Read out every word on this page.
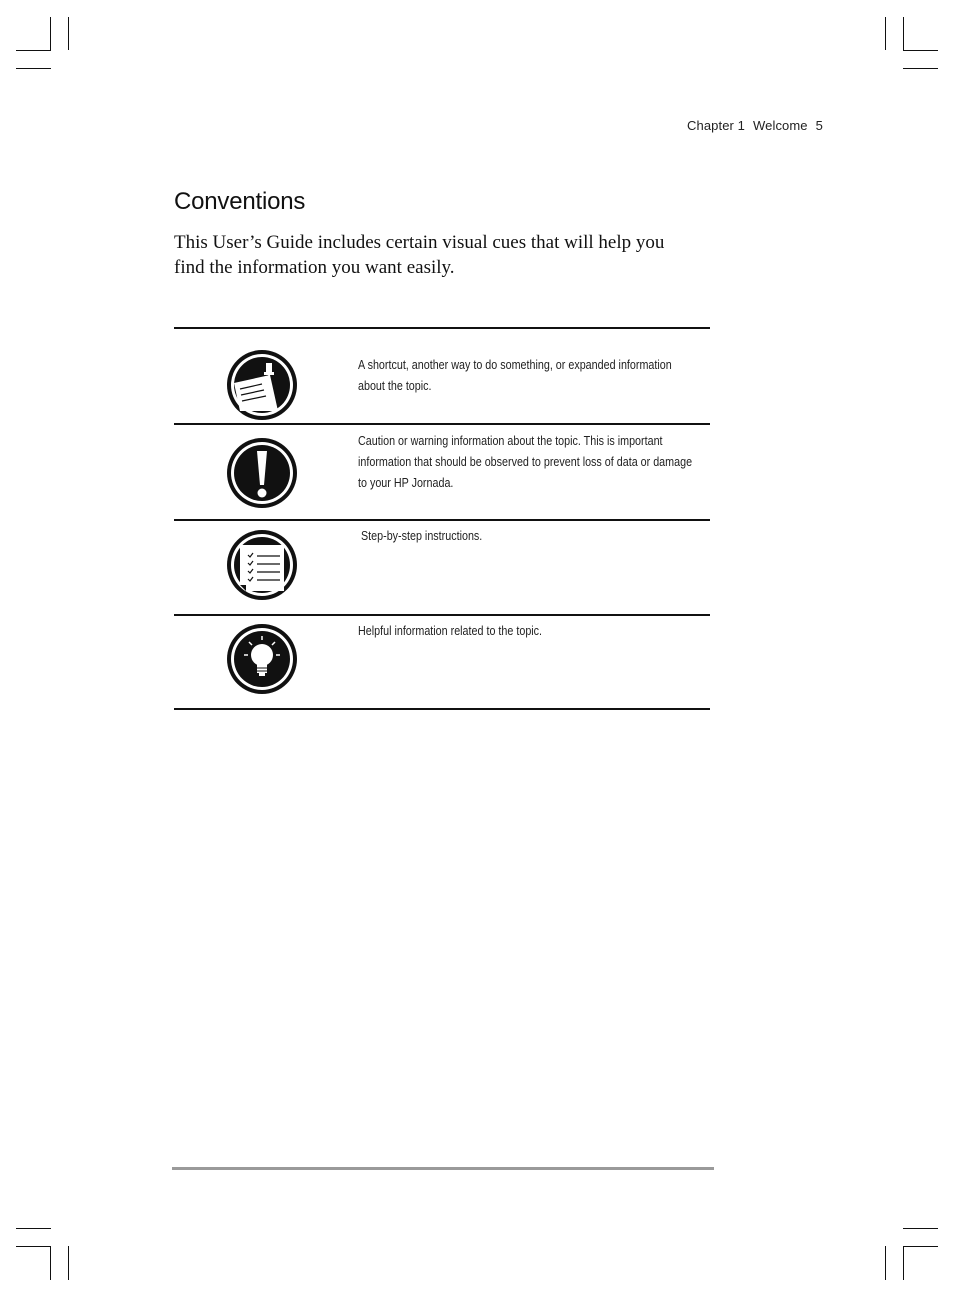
Chapter 1 Welcome 5
Conventions

This User’s Guide includes certain visual cues that will help you find the information you want easily.

A shortcut, another way to do something, or expanded information about the topic.

Caution or warning information about the topic. This is important information that should be observed to prevent loss of data or damage to your HP Jornada.

Step-by-step instructions.

Helpful information related to the topic.
